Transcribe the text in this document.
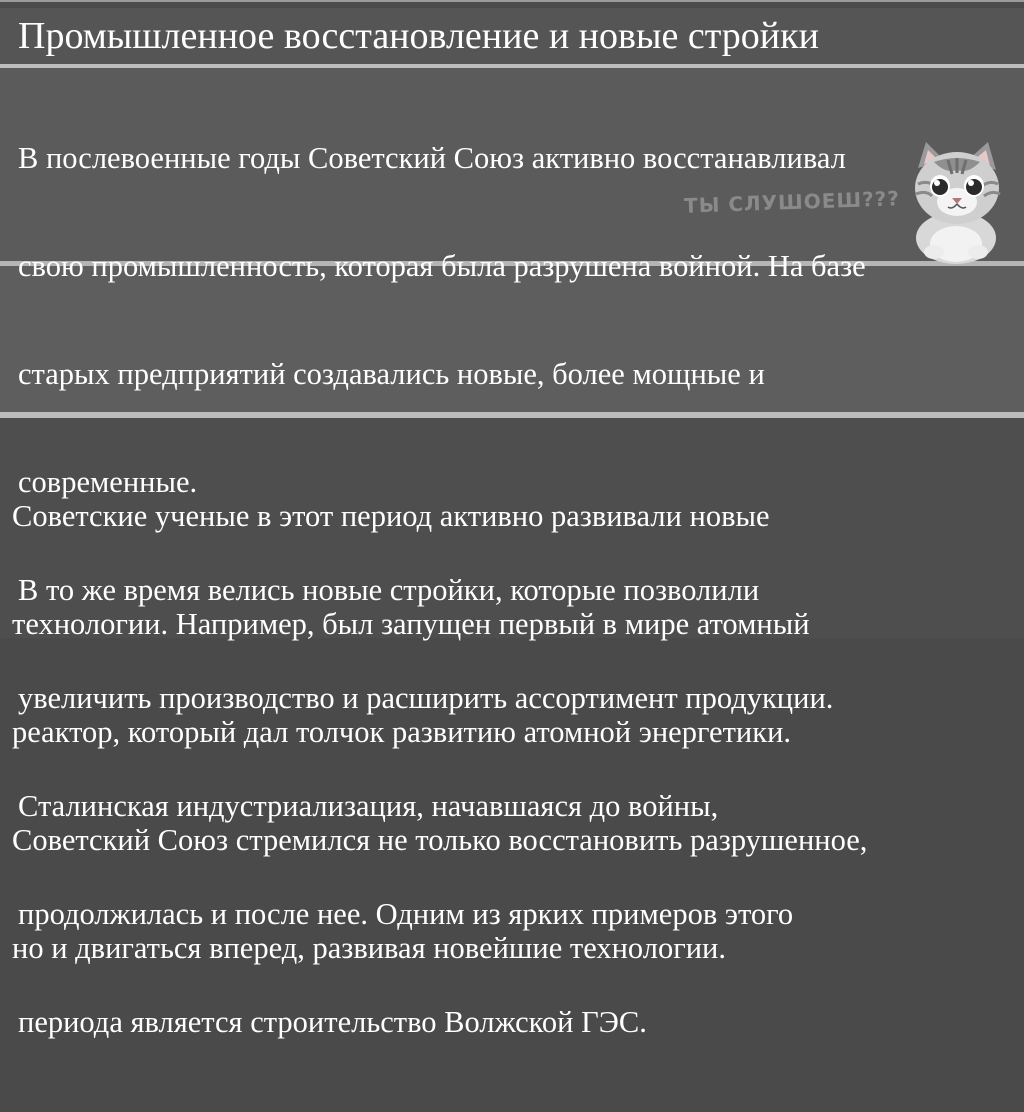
Промышленное восстановление и новые стройки

В послевоенные годы Советский Союз активно восстанавливал

свою промышленность, которая была разрушена войной. На базе

старых предприятий создавались новые, более мощные и

современные.

В то же время велись новые стройки, которые позволили

увеличить производство и расширить ассортимент продукции.

Сталинская индустриализация, начавшаяся до войны,

продолжилась и после нее. Одним из ярких примеров этого

периода является строительство Волжской ГЭС.

Советские ученые в этот период активно развивали новые

технологии. Например, был запущен первый в мире атомный

реактор, который дал толчок развитию атомной энергетики.

Советский Союз стремился не только восстановить разрушенное,

но и двигаться вперед, развивая новейшие технологии.

ТЫ СЛУШОЕШ???
